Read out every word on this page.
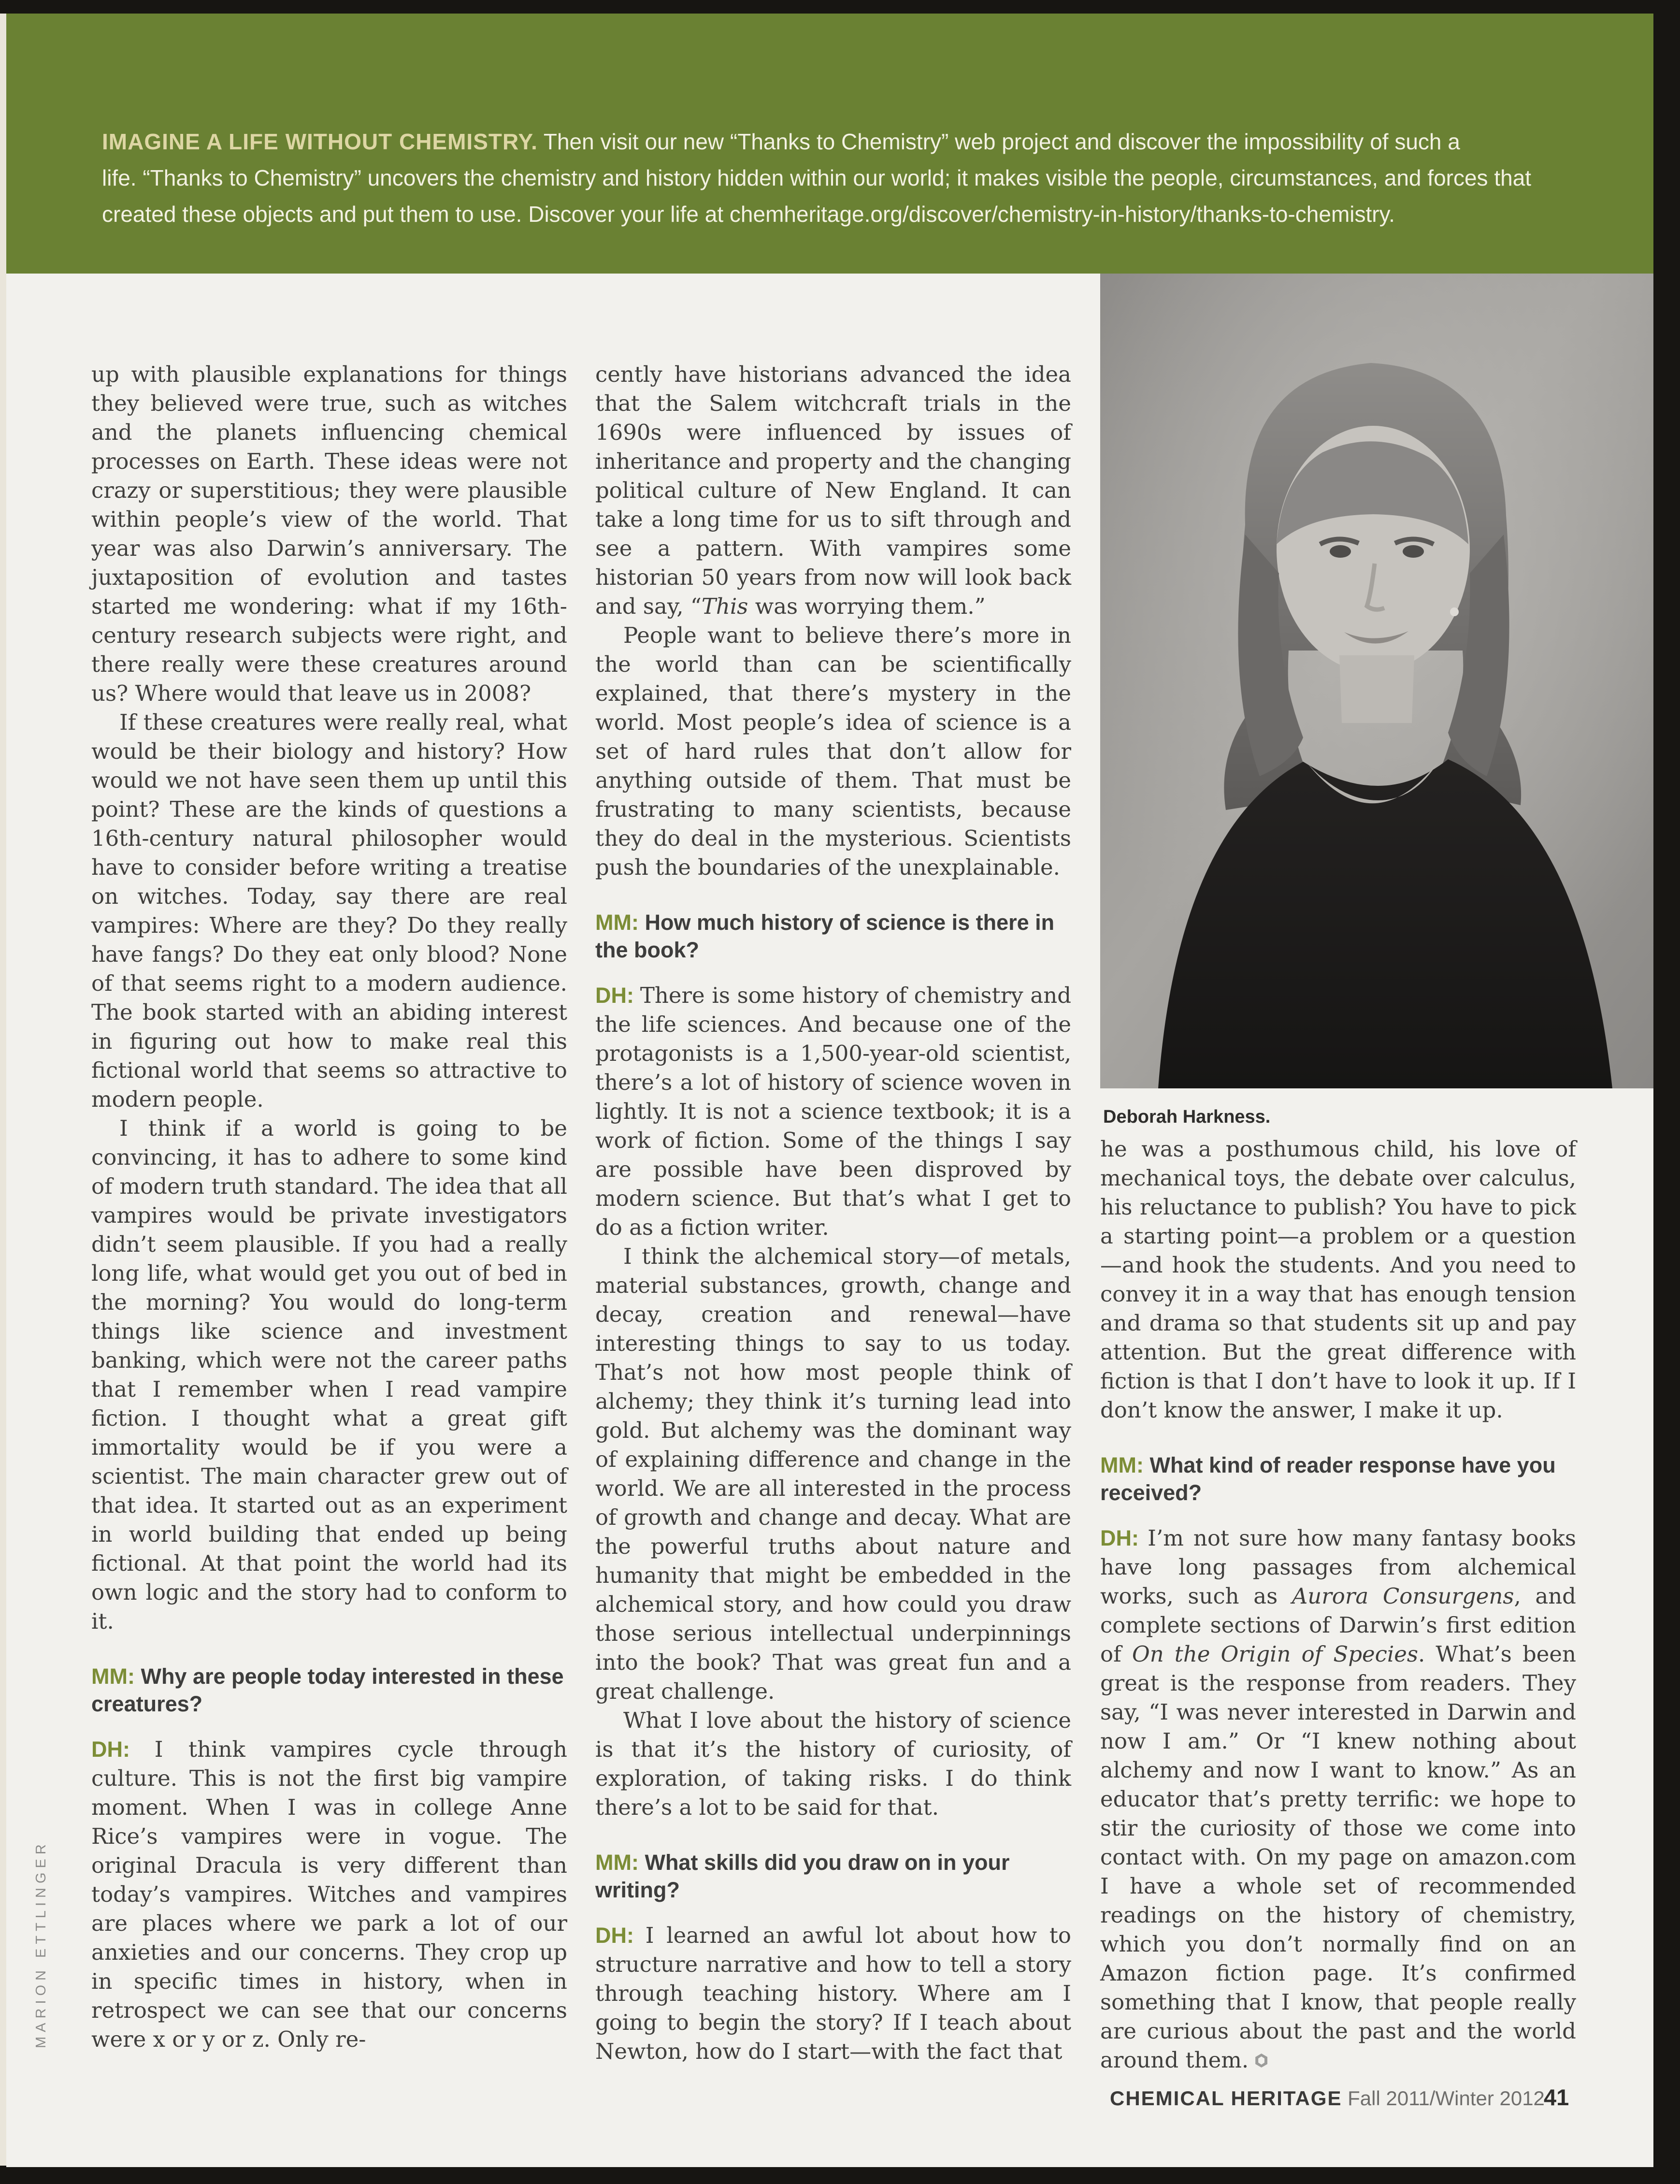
IMAGINE A LIFE WITHOUT CHEMISTRY. Then visit our new “Thanks to Chemistry” web project and discover the impossibility of such a life. “Thanks to Chemistry” uncovers the chemistry and history hidden within our world; it makes visible the people, circumstances, and forces that created these objects and put them to use. Discover your life at chemheritage.org/discover/chemistry-in-history/thanks-to-chemistry.

Deborah Harkness.

up with plausible explanations for things they believed were true, such as witches and the planets influencing chemical processes on Earth. These ideas were not crazy or superstitious; they were plausible within people’s view of the world. That year was also Darwin’s anniversary. The juxtaposition of evolution and tastes started me wondering: what if my 16th-century research subjects were right, and there really were these creatures around us? Where would that leave us in 2008?

If these creatures were really real, what would be their biology and history? How would we not have seen them up until this point? These are the kinds of questions a 16th-century natural philosopher would have to consider before writing a treatise on witches. Today, say there are real vampires: Where are they? Do they really have fangs? Do they eat only blood? None of that seems right to a modern audience. The book started with an abiding interest in figuring out how to make real this fictional world that seems so attractive to modern people.

I think if a world is going to be convincing, it has to adhere to some kind of modern truth standard. The idea that all vampires would be private investigators didn’t seem plausible. If you had a really long life, what would get you out of bed in the morning? You would do long-term things like science and investment banking, which were not the career paths that I remember when I read vampire fiction. I thought what a great gift immortality would be if you were a scientist. The main character grew out of that idea. It started out as an experiment in world building that ended up being fictional. At that point the world had its own logic and the story had to conform to it.

MM: Why are people today interested in these creatures?

DH: I think vampires cycle through culture. This is not the first big vampire moment. When I was in college Anne Rice’s vampires were in vogue. The original Dracula is very different than today’s vampires. Witches and vampires are places where we park a lot of our anxieties and our concerns. They crop up in specific times in history, when in retrospect we can see that our concerns were x or y or z. Only re-

cently have historians advanced the idea that the Salem witchcraft trials in the 1690s were influenced by issues of inheritance and property and the changing political culture of New England. It can take a long time for us to sift through and see a pattern. With vampires some historian 50 years from now will look back and say, “This was worrying them.”

People want to believe there’s more in the world than can be scientifically explained, that there’s mystery in the world. Most people’s idea of science is a set of hard rules that don’t allow for anything outside of them. That must be frustrating to many scientists, because they do deal in the mysterious. Scientists push the boundaries of the unexplainable.

MM: How much history of science is there in the book?

DH: There is some history of chemistry and the life sciences. And because one of the protagonists is a 1,500-year-old scientist, there’s a lot of history of science woven in lightly. It is not a science textbook; it is a work of fiction. Some of the things I say are possible have been disproved by modern science. But that’s what I get to do as a fiction writer.

I think the alchemical story—of metals, material substances, growth, change and decay, creation and renewal—have interesting things to say to us today. That’s not how most people think of alchemy; they think it’s turning lead into gold. But alchemy was the dominant way of explaining difference and change in the world. We are all interested in the process of growth and change and decay. What are the powerful truths about nature and humanity that might be embedded in the alchemical story, and how could you draw those serious intellectual underpinnings into the book? That was great fun and a great challenge.

What I love about the history of science is that it’s the history of curiosity, of exploration, of taking risks. I do think there’s a lot to be said for that.

MM: What skills did you draw on in your writing?

DH: I learned an awful lot about how to structure narrative and how to tell a story through teaching history. Where am I going to begin the story? If I teach about Newton, how do I start—with the fact that

he was a posthumous child, his love of mechanical toys, the debate over calculus, his reluctance to publish? You have to pick a starting point—a problem or a question—and hook the students. And you need to convey it in a way that has enough tension and drama so that students sit up and pay attention. But the great difference with fiction is that I don’t have to look it up. If I don’t know the answer, I make it up.

MM: What kind of reader response have you received?

DH: I’m not sure how many fantasy books have long passages from alchemical works, such as Aurora Consurgens, and complete sections of Darwin’s first edition of On the Origin of Species. What’s been great is the response from readers. They say, “I was never interested in Darwin and now I am.” Or “I knew nothing about alchemy and now I want to know.” As an educator that’s pretty terrific: we hope to stir the curiosity of those we come into contact with. On my page on amazon.com I have a whole set of recommended readings on the history of chemistry, which you don’t normally find on an Amazon fiction page. It’s confirmed something that I know, that people really are curious about the past and the world around them.

CHEMICAL HERITAGE Fall 2011/Winter 2012

41

MARION ETTLINGER
